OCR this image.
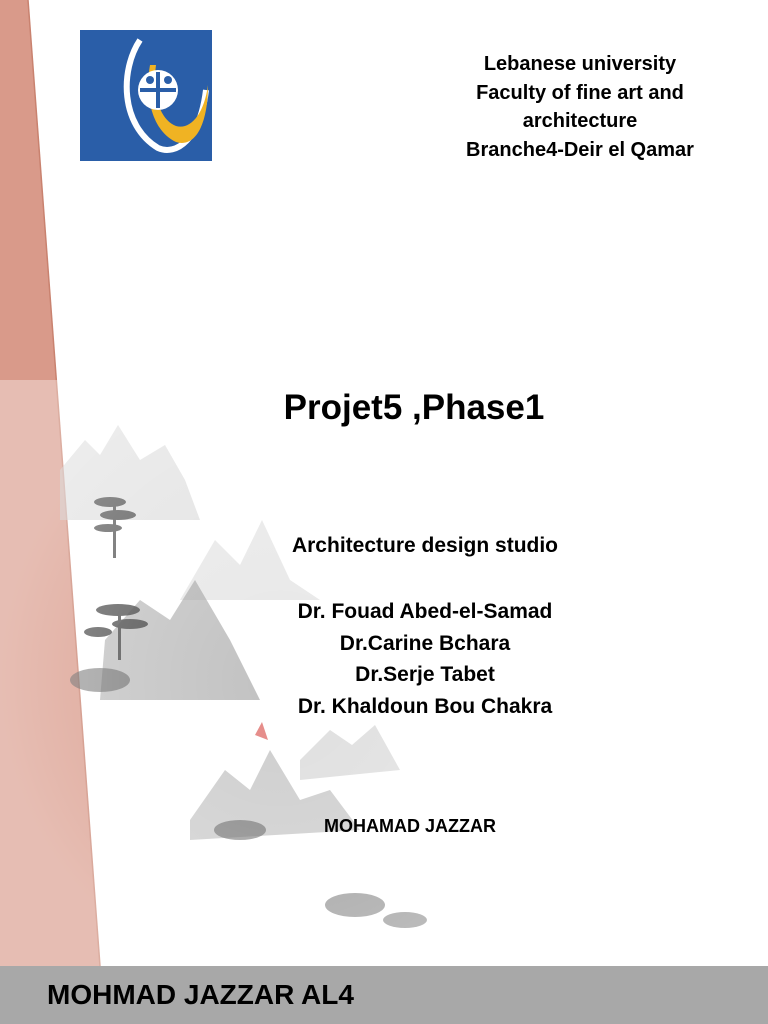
Lebanese university
Faculty of fine art and
architecture
Branche4-Deir el Qamar
Projet5 ,Phase1
Architecture design studio
Dr. Fouad Abed-el-Samad
Dr.Carine Bchara
Dr.Serje Tabet
Dr. Khaldoun Bou Chakra
MOHAMAD JAZZAR
MOHMAD JAZZAR AL4
